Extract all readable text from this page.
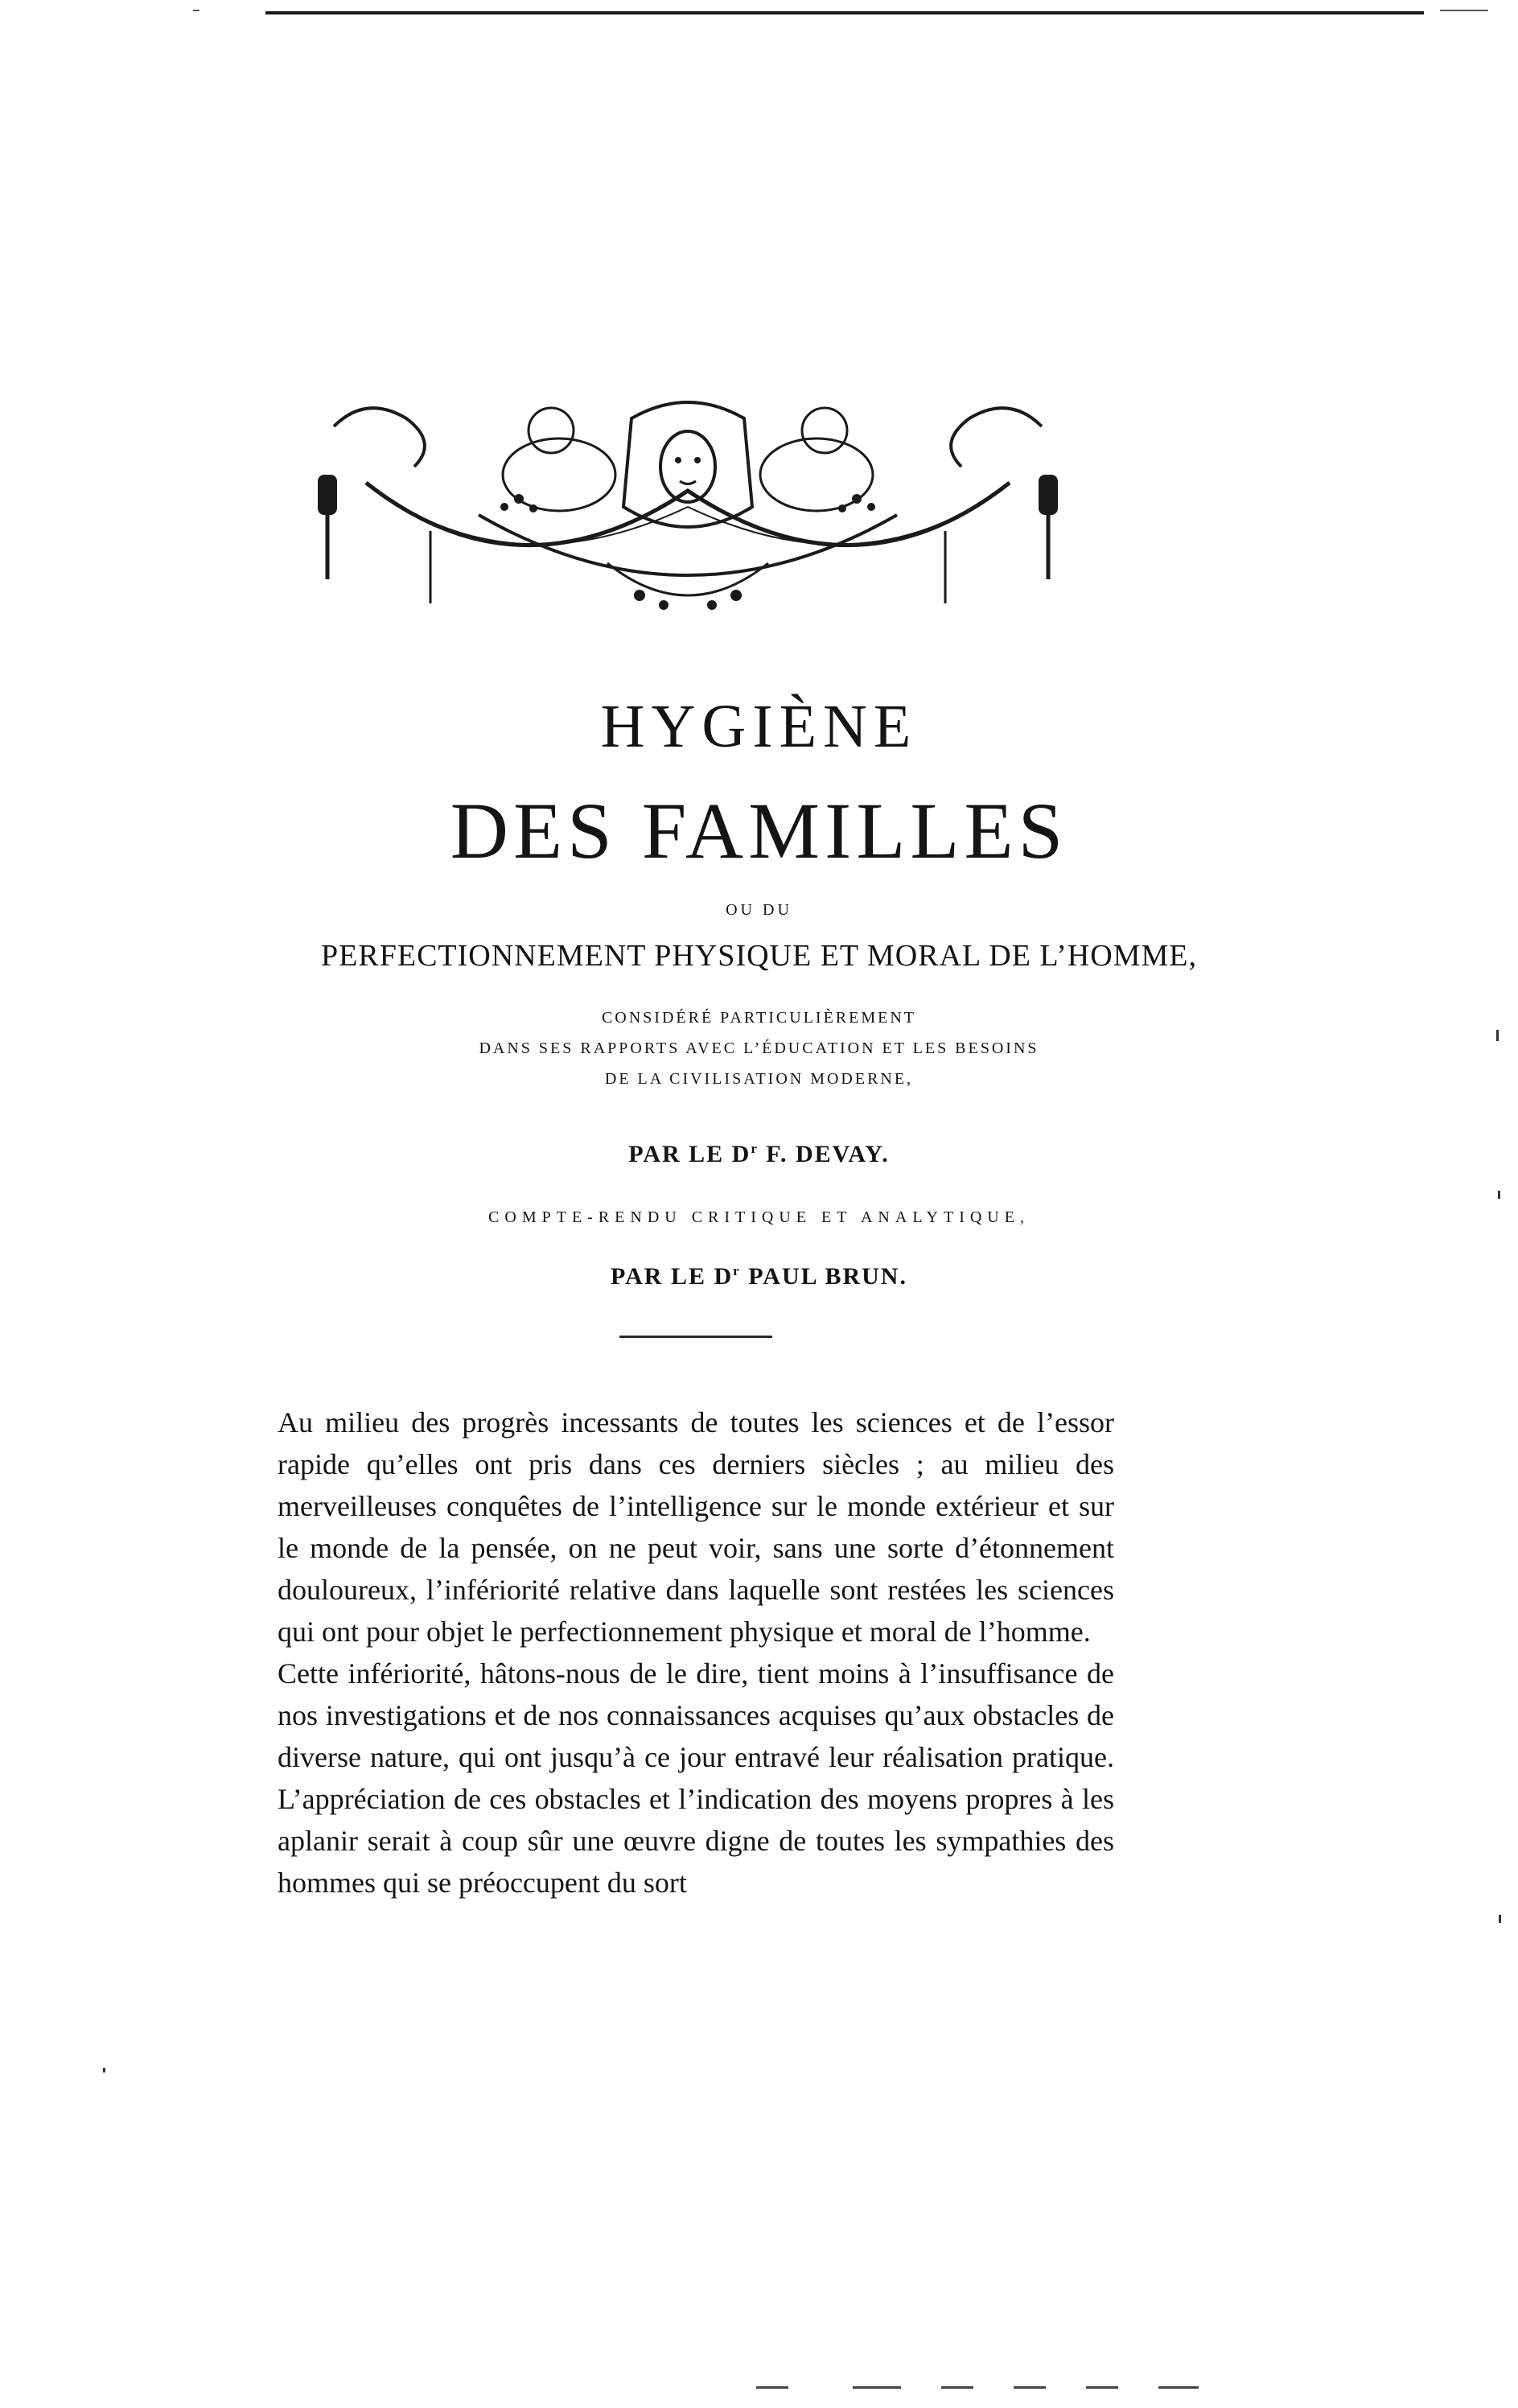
HYGIÈNE
DES FAMILLES
OU DU
PERFECTIONNEMENT PHYSIQUE ET MORAL DE L’HOMME,
CONSIDÉRÉ PARTICULIÈREMENT
DANS SES RAPPORTS AVEC L’ÉDUCATION ET LES BESOINS
DE LA CIVILISATION MODERNE,
PAR LE $D^r$ F. DEVAY.
COMPTE-RENDU CRITIQUE ET ANALYTIQUE,
PAR LE $D^r$ PAUL BRUN.

Au milieu des progrès incessants de toutes les sciences et de l’essor rapide qu’elles ont pris dans ces derniers siècles ; au milieu des merveilleuses conquêtes de l’intelligence sur le monde extérieur et sur le monde de la pensée, on ne peut voir, sans une sorte d’étonnement douloureux, l’infériorité relative dans laquelle sont restées les sciences qui ont pour objet le perfectionnement physique et moral de l’homme.

Cette infériorité, hâtons-nous de le dire, tient moins à l’insuffisance de nos investigations et de nos connaissances acquises qu’aux obstacles de diverse nature, qui ont jusqu’à ce jour entravé leur réalisation pratique. L’appréciation de ces obstacles et l’indication des moyens propres à les aplanir serait à coup sûr une œuvre digne de toutes les sympathies des hommes qui se préoccupent du sort
